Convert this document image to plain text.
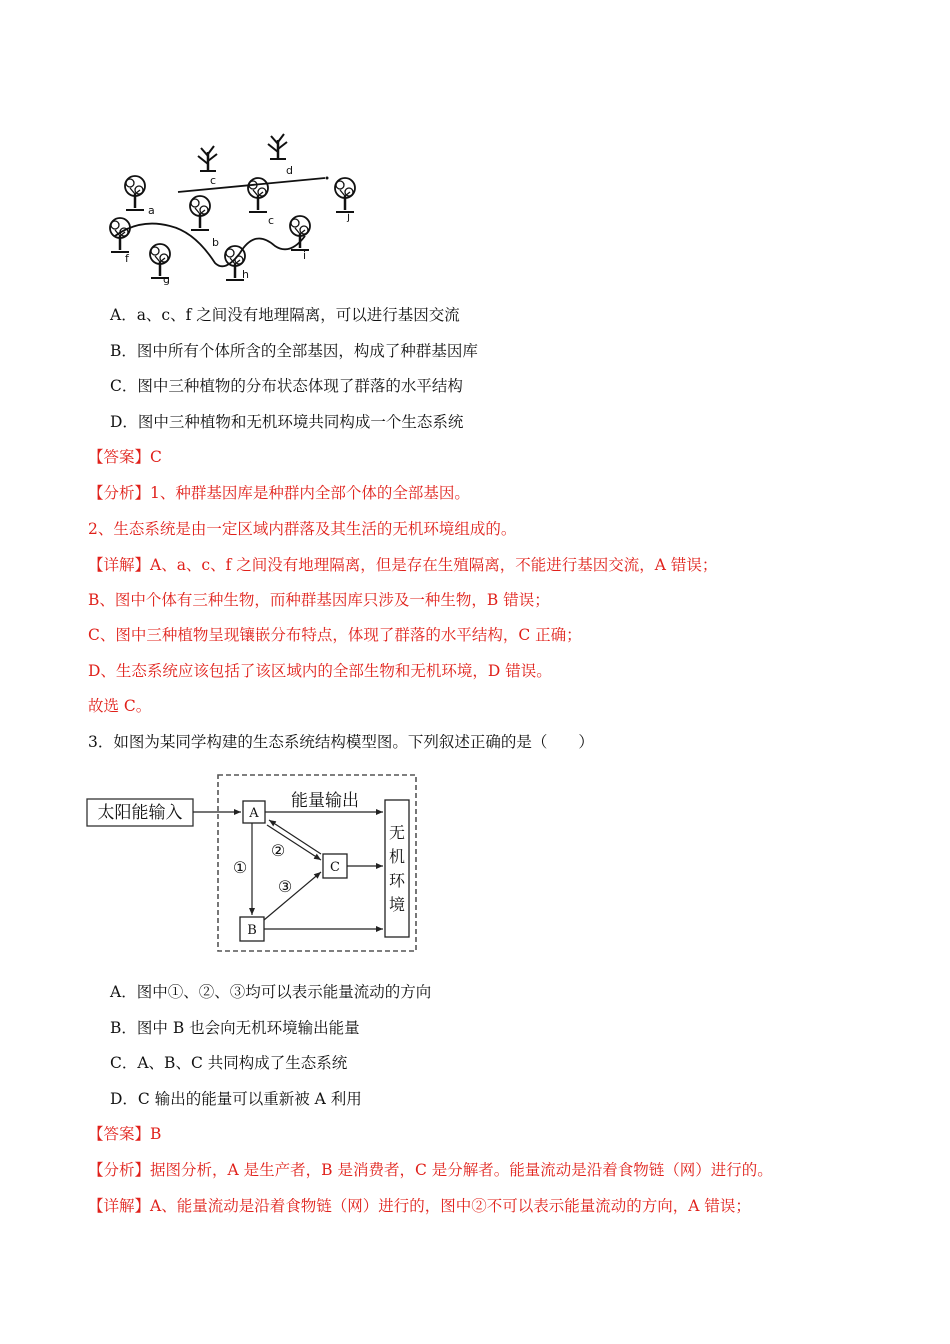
a
b
c
c
d
f
g	h
i
j
A．a、c、f 之间没有地理隔离，可以进行基因交流
B．图中所有个体所含的全部基因，构成了种群基因库
C．图中三种植物的分布状态体现了群落的水平结构
D．图中三种植物和无机环境共同构成一个生态系统
【答案】C
【分析】1、种群基因库是种群内全部个体的全部基因。
2、生态系统是由一定区域内群落及其生活的无机环境组成的。
【详解】A、a、c、f 之间没有地理隔离，但是存在生殖隔离，不能进行基因交流，A 错误；
B、图中个体有三种生物，而种群基因库只涉及一种生物，B 错误；
C、图中三种植物呈现镶嵌分布特点，体现了群落的水平结构，C 正确；
D、生态系统应该包括了该区域内的全部生物和无机环境，D 错误。
故选 C。
3．如图为某同学构建的生态系统结构模型图。下列叙述正确的是（　　）
太阳能输入	A
能量输出
无
机
环
境
C
B
①
②
③
A．图中①、②、③均可以表示能量流动的方向
B．图中 B 也会向无机环境输出能量
C．A、B、C 共同构成了生态系统
D．C 输出的能量可以重新被 A 利用
【答案】B
【分析】据图分析，A 是生产者，B 是消费者，C 是分解者。能量流动是沿着食物链（网）进行的。
【详解】A、能量流动是沿着食物链（网）进行的，图中②不可以表示能量流动的方向，A 错误；
